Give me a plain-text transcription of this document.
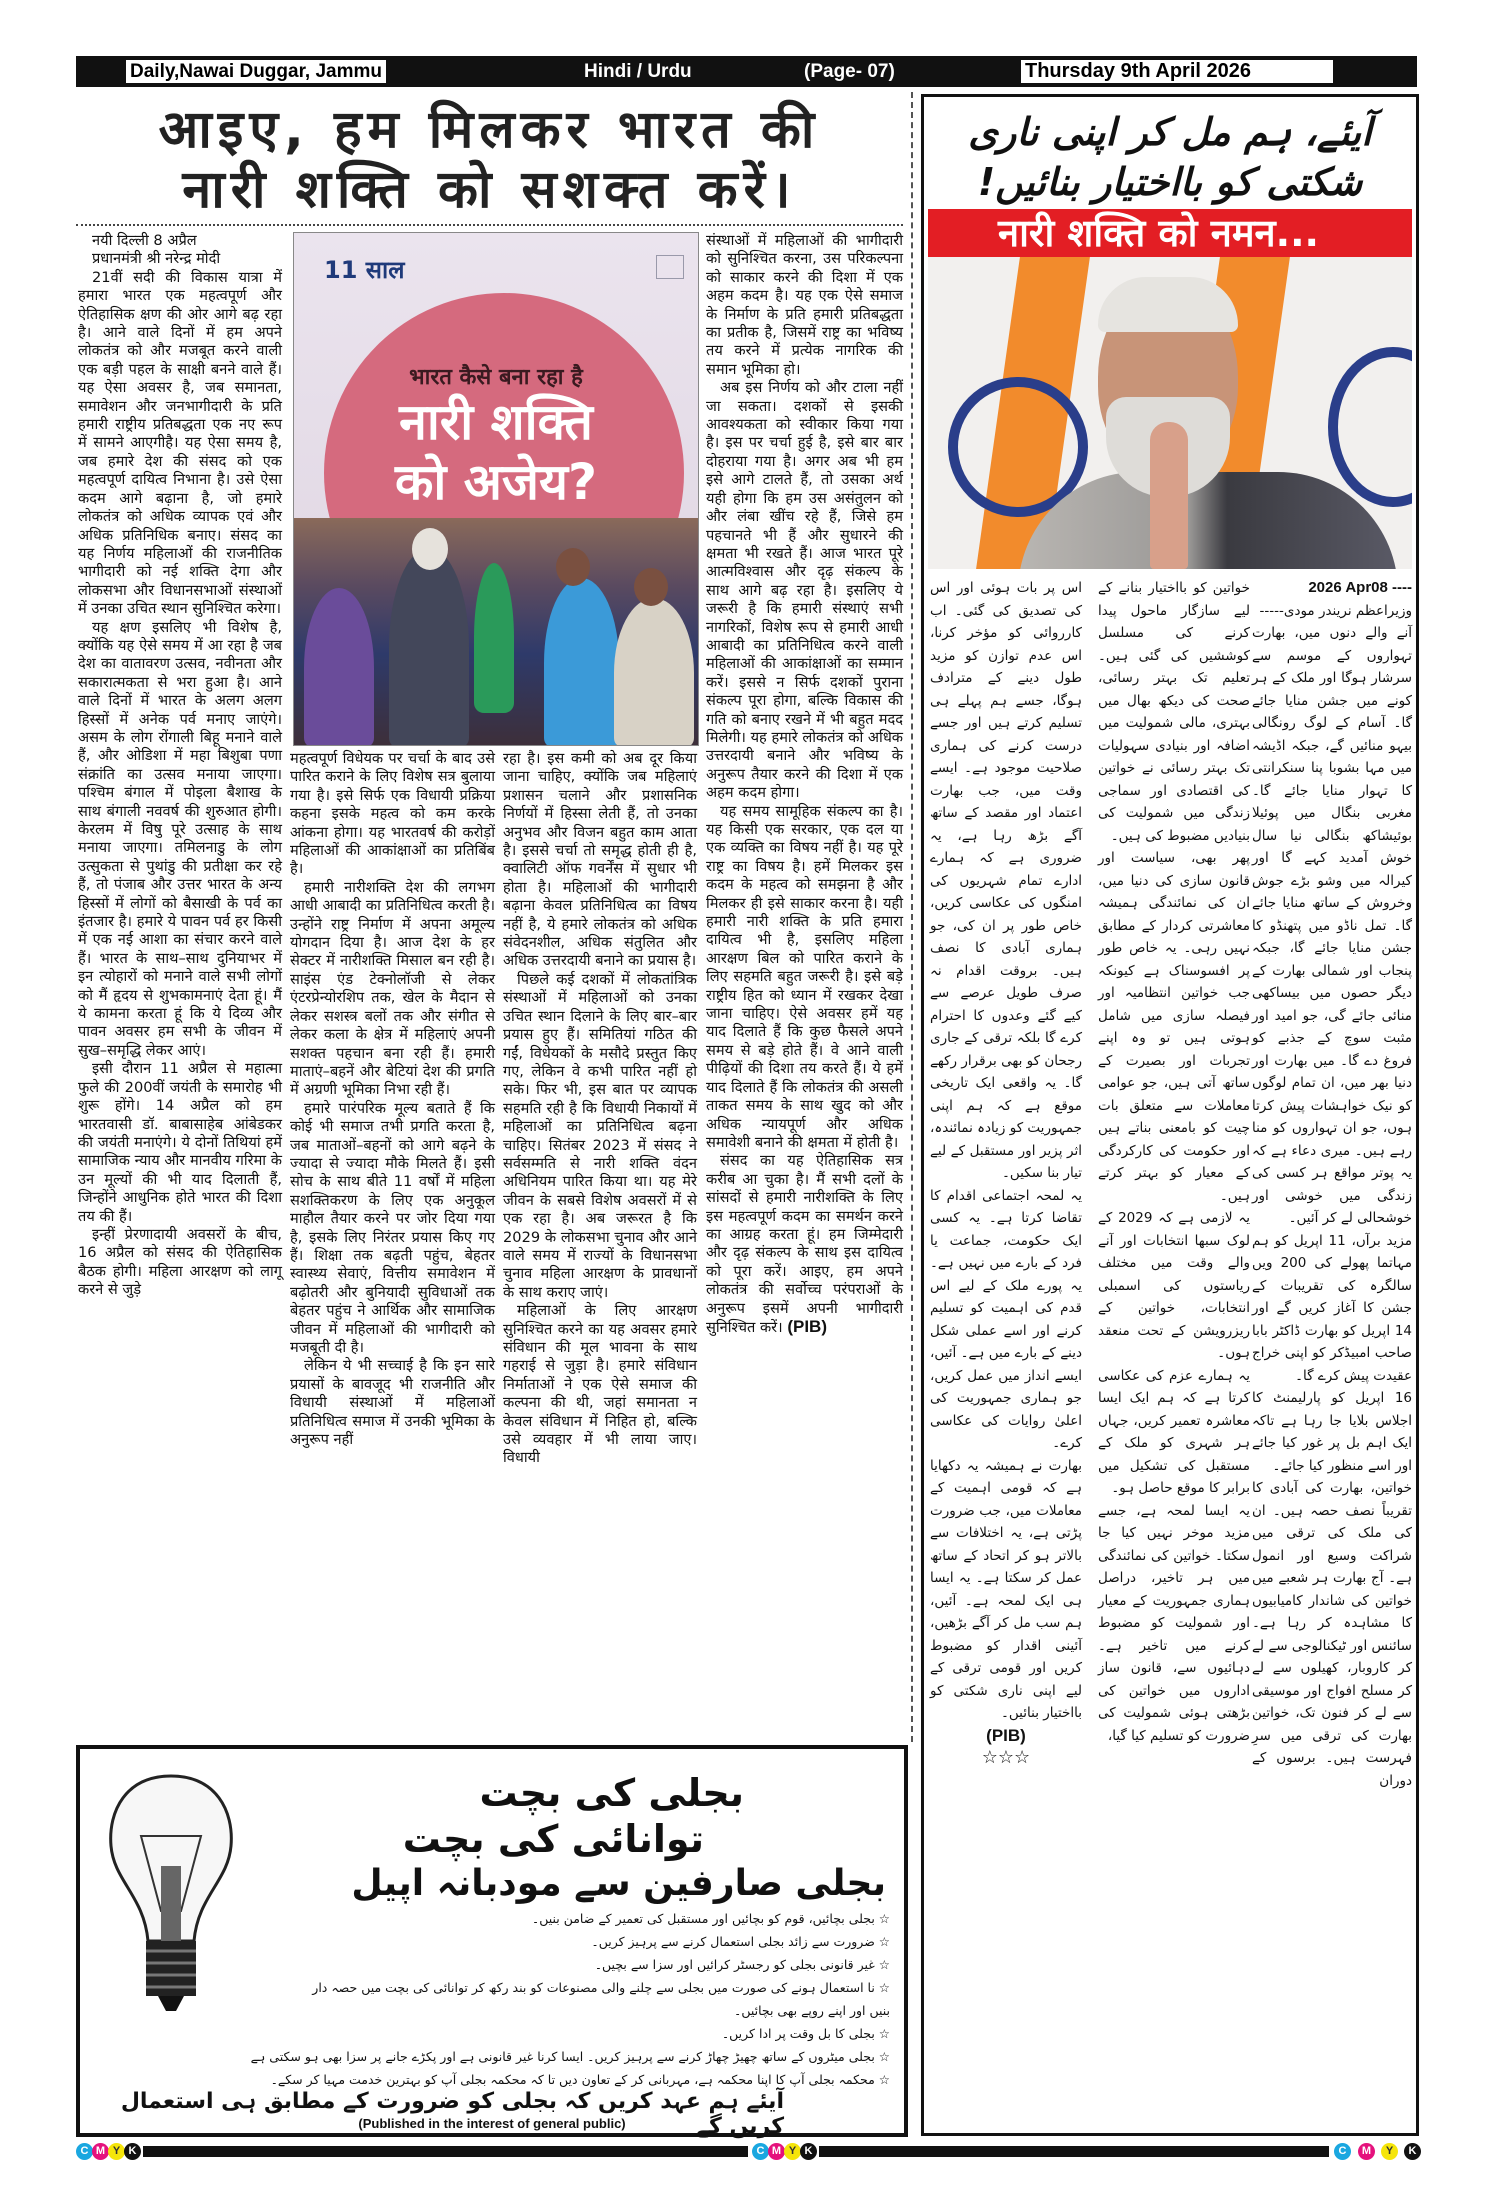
Daily,Nawai Duggar, Jammu	Hindi / Urdu	(Page- 07)	Thursday 9th April 2026
आइए, हम मिलकर भारत की
नारी शक्ति को सशक्त करें।

नयी दिल्ली 8 अप्रैल

प्रधानमंत्री श्री नरेन्द्र मोदी

21वीं सदी की विकास यात्रा में हमारा भारत एक महत्वपूर्ण और ऐतिहासिक क्षण की ओर आगे बढ़ रहा है। आने वाले दिनों में हम अपने लोकतंत्र को और मजबूत करने वाली एक बड़ी पहल के साक्षी बनने वाले हैं। यह ऐसा अवसर है, जब समानता, समावेशन और जनभागीदारी के प्रति हमारी राष्ट्रीय प्रतिबद्धता एक नए रूप में सामने आएगीहै। यह ऐसा समय है, जब हमारे देश की संसद को एक महत्वपूर्ण दायित्व निभाना है। उसे ऐसा कदम आगे बढ़ाना है, जो हमारे लोकतंत्र को अधिक व्यापक एवं और अधिक प्रतिनिधिक बनाए। संसद का यह निर्णय महिलाओं की राजनीतिक भागीदारी को नई शक्ति देगा और लोकसभा और विधानसभाओं संस्थाओं में उनका उचित स्थान सुनिश्चित करेगा।

यह क्षण इसलिए भी विशेष है, क्योंकि यह ऐसे समय में आ रहा है जब देश का वातावरण उत्सव, नवीनता और सकारात्मकता से भरा हुआ है। आने वाले दिनों में भारत के अलग अलग हिस्सों में अनेक पर्व मनाए जाएंगे। असम के लोग रोंगाली बिहू मनाने वाले हैं, और ओडिशा में महा बिशुबा पणा संक्रांति का उत्सव मनाया जाएगा। पश्चिम बंगाल में पोइला बैशाख के साथ बंगाली नववर्ष की शुरुआत होगी। केरलम में विषु पूरे उत्साह के साथ मनाया जाएगा। तमिलनाडु के लोग उत्सुकता से पुथांडु की प्रतीक्षा कर रहे हैं, तो पंजाब और उत्तर भारत के अन्य हिस्सों में लोगों को बैसाखी के पर्व का इंतजार है। हमारे ये पावन पर्व हर किसी में एक नई आशा का संचार करने वाले हैं। भारत के साथ–साथ दुनियाभर में इन त्योहारों को मनाने वाले सभी लोगों को मैं हृदय से शुभकामनाएं देता हूं। मैं ये कामना करता हूं कि ये दिव्य और पावन अवसर हम सभी के जीवन में सुख–समृद्धि लेकर आएं।

इसी दौरान 11 अप्रैल से महात्मा फुले की 200वीं जयंती के समारोह भी शुरू होंगे। 14 अप्रैल को हम भारतवासी डॉ. बाबासाहेब आंबेडकर की जयंती मनाएंगे। ये दोनों तिथियां हमें सामाजिक न्याय और मानवीय गरिमा के उन मूल्यों की भी याद दिलाती हैं, जिन्होंने आधुनिक होते भारत की दिशा तय की हैं।

इन्हीं प्रेरणादायी अवसरों के बीच, 16 अप्रैल को संसद की ऐतिहासिक बैठक होगी। महिला आरक्षण को लागू करने से जुड़े

11 साल
भारत कैसे बना रहा है
नारी शक्ति
को अजेय?

महत्वपूर्ण विधेयक पर चर्चा के बाद उसे पारित कराने के लिए विशेष सत्र बुलाया गया है। इसे सिर्फ एक विधायी प्रक्रिया कहना इसके महत्व को कम करके आंकना होगा। यह भारतवर्ष की करोड़ों महिलाओं की आकांक्षाओं का प्रतिबिंब है।

हमारी नारीशक्ति देश की लगभग आधी आबादी का प्रतिनिधित्व करती है। उन्होंने राष्ट्र निर्माण में अपना अमूल्य योगदान दिया है। आज देश के हर सेक्टर में नारीशक्ति मिसाल बन रही है। साइंस एंड टेक्नोलॉजी से लेकर एंटरप्रेन्योरशिप तक, खेल के मैदान से लेकर सशस्त्र बलों तक और संगीत से लेकर कला के क्षेत्र में महिलाएं अपनी सशक्त पहचान बना रही हैं। हमारी माताएं–बहनें और बेटियां देश की प्रगति में अग्रणी भूमिका निभा रही हैं।

हमारे पारंपरिक मूल्य बताते हैं कि कोई भी समाज तभी प्रगति करता है, जब माताओं–बहनों को आगे बढ़ने के ज्यादा से ज्यादा मौके मिलते हैं। इसी सोच के साथ बीते 11 वर्षों में महिला सशक्तिकरण के लिए एक अनुकूल माहौल तैयार करने पर जोर दिया गया है, इसके लिए निरंतर प्रयास किए गए हैं। शिक्षा तक बढ़ती पहुंच, बेहतर स्वास्थ्य सेवाएं, वित्तीय समावेशन में बढ़ोतरी और बुनियादी सुविधाओं तक बेहतर पहुंच ने आर्थिक और सामाजिक जीवन में महिलाओं की भागीदारी को मजबूती दी है।

लेकिन ये भी सच्चाई है कि इन सारे प्रयासों के बावजूद भी राजनीति और विधायी संस्थाओं में महिलाओं प्रतिनिधित्व समाज में उनकी भूमिका के अनुरूप नहीं

रहा है। इस कमी को अब दूर किया जाना चाहिए, क्योंकि जब महिलाएं प्रशासन चलाने और प्रशासनिक निर्णयों में हिस्सा लेती हैं, तो उनका अनुभव और विजन बहुत काम आता है। इससे चर्चा तो समृद्ध होती ही है, क्वालिटी ऑफ गवर्नेंस में सुधार भी होता है। महिलाओं की भागीदारी बढ़ाना केवल प्रतिनिधित्व का विषय नहीं है, ये हमारे लोकतंत्र को अधिक संवेदनशील, अधिक संतुलित और अधिक उत्तरदायी बनाने का प्रयास है।

पिछले कई दशकों में लोकतांत्रिक संस्थाओं में महिलाओं को उनका उचित स्थान दिलाने के लिए बार–बार प्रयास हुए हैं। समितियां गठित की गईं, विधेयकों के मसौदे प्रस्तुत किए गए, लेकिन वे कभी पारित नहीं हो सके। फिर भी, इस बात पर व्यापक सहमति रही है कि विधायी निकायों में महिलाओं का प्रतिनिधित्व बढ़ना चाहिए। सितंबर 2023 में संसद ने सर्वसम्मति से नारी शक्ति वंदन अधिनियम पारित किया था। यह मेरे जीवन के सबसे विशेष अवसरों में से एक रहा है। अब जरूरत है कि 2029 के लोकसभा चुनाव और आने वाले समय में राज्यों के विधानसभा चुनाव महिला आरक्षण के प्रावधानों के साथ कराए जाएं।

महिलाओं के लिए आरक्षण सुनिश्चित करने का यह अवसर हमारे संविधान की मूल भावना के साथ गहराई से जुड़ा है। हमारे संविधान निर्माताओं ने एक ऐसे समाज की कल्पना की थी, जहां समानता न केवल संविधान में निहित हो, बल्कि उसे व्यवहार में भी लाया जाए। विधायी

संस्थाओं में महिलाओं की भागीदारी को सुनिश्चित करना, उस परिकल्पना को साकार करने की दिशा में एक अहम कदम है। यह एक ऐसे समाज के निर्माण के प्रति हमारी प्रतिबद्धता का प्रतीक है, जिसमें राष्ट्र का भविष्य तय करने में प्रत्येक नागरिक की समान भूमिका हो।

अब इस निर्णय को और टाला नहीं जा सकता। दशकों से इसकी आवश्यकता को स्वीकार किया गया है। इस पर चर्चा हुई है, इसे बार बार दोहराया गया है। अगर अब भी हम इसे आगे टालते हैं, तो उसका अर्थ यही होगा कि हम उस असंतुलन को और लंबा खींच रहे हैं, जिसे हम पहचानते भी हैं और सुधारने की क्षमता भी रखते हैं। आज भारत पूरे आत्मविश्वास और दृढ़ संकल्प के साथ आगे बढ़ रहा है। इसलिए ये जरूरी है कि हमारी संस्थाएं सभी नागरिकों, विशेष रूप से हमारी आधी आबादी का प्रतिनिधित्व करने वाली महिलाओं की आकांक्षाओं का सम्मान करें। इससे न सिर्फ दशकों पुराना संकल्प पूरा होगा, बल्कि विकास की गति को बनाए रखने में भी बहुत मदद मिलेगी। यह हमारे लोकतंत्र को अधिक उत्तरदायी बनाने और भविष्य के अनुरूप तैयार करने की दिशा में एक अहम कदम होगा।

यह समय सामूहिक संकल्प का है। यह किसी एक सरकार, एक दल या एक व्यक्ति का विषय नहीं है। यह पूरे राष्ट्र का विषय है। हमें मिलकर इस कदम के महत्व को समझना है और मिलकर ही इसे साकार करना है। यही हमारी नारी शक्ति के प्रति हमारा दायित्व भी है, इसलिए महिला आरक्षण बिल को पारित कराने के लिए सहमति बहुत जरूरी है। इसे बड़े राष्ट्रीय हित को ध्यान में रखकर देखा जाना चाहिए। ऐसे अवसर हमें यह याद दिलाते हैं कि कुछ फैसले अपने समय से बड़े होते हैं। वे आने वाली पीढ़ियों की दिशा तय करते हैं। ये हमें याद दिलाते हैं कि लोकतंत्र की असली ताकत समय के साथ खुद को और अधिक न्यायपूर्ण और अधिक समावेशी बनाने की क्षमता में होती है।

संसद का यह ऐतिहासिक सत्र करीब आ चुका है। मैं सभी दलों के सांसदों से हमारी नारीशक्ति के लिए इस महत्वपूर्ण कदम का समर्थन करने का आग्रह करता हूं। हम जिम्मेदारी और दृढ़ संकल्प के साथ इस दायित्व को पूरा करें। आइए, हम अपने लोकतंत्र की सर्वोच्च परंपराओं के अनुरूप इसमें अपनी भागीदारी सुनिश्चित करें। (PIB)

آیئے، ہم مل کر اپنی ناری
شکتی کو بااختیار بنائیں!
नारी शक्ति को नमन...

2026 Apr08 ----

وزیراعظم نریندر مودی-----

آنے والے دنوں میں، بھارت تہواروں کے موسم سے سرشار ہوگا اور ملک کے ہر کونے میں جشن منایا جائے گا۔ آسام کے لوگ رونگالی بیہو منائیں گے، جبکہ اڈیشہ میں مہا بشوبا پنا سنکرانتی کا تہوار منایا جائے گا۔ مغربی بنگال میں پوئیلا بوئیشاکھ بنگالی نیا سال خوش آمدید کہے گا اور کیرالہ میں وشو بڑے جوش وخروش کے ساتھ منایا جائے گا۔ تمل ناڈو میں پتھنڈو کا جشن منایا جائے گا، جبکہ پنجاب اور شمالی بھارت کے دیگر حصوں میں بیساکھی منائی جائے گی، جو امید اور مثبت سوچ کے جذبے کو فروغ دے گا۔ میں بھارت اور دنیا بھر میں، ان تمام لوگوں کو نیک خواہشات پیش کرتا ہوں، جو ان تہواروں کو منا رہے ہیں۔ میری دعاء ہے کہ یہ پوتر مواقع ہر کسی کی زندگی میں خوشی اور خوشحالی لے کر آئیں۔

مزید برآں، 11 اپریل کو ہم مہاتما پھولے کی 200 ویں سالگرہ کی تقریبات کے جشن کا آغاز کریں گے اور 14 اپریل کو بھارت ڈاکٹر بابا صاحب امبیڈکر کو اپنی خراج عقیدت پیش کرے گا۔

16 اپریل کو پارلیمنٹ کا اجلاس بلایا جا رہا ہے تاکہ ایک اہم بل پر غور کیا جائے اور اسے منظور کیا جائے۔

خواتین، بھارت کی آبادی کا تقریباً نصف حصہ ہیں۔ ان کی ملک کی ترقی میں شراکت وسیع اور انمول ہے۔ آج بھارت ہر شعبے میں خواتین کی شاندار کامیابیوں کا مشاہدہ کر رہا ہے۔ سائنس اور ٹیکنالوجی سے لے کر کاروبار، کھیلوں سے لے کر مسلح افواج اور موسیقی سے لے کر فنون تک، خواتین بھارت کی ترقی میں سرِ فہرست ہیں۔ برسوں کے دوران

خواتین کو بااختیار بنانے کے لیے سازگار ماحول پیدا کرنے کی مسلسل کوششیں کی گئی ہیں۔ تعلیم تک بہتر رسائی، صحت کی دیکھ بھال میں بہتری، مالی شمولیت میں اضافہ اور بنیادی سہولیات تک بہتر رسائی نے خواتین کی اقتصادی اور سماجی زندگی میں شمولیت کی بنیادیں مضبوط کی ہیں۔

پھر بھی، سیاست اور قانون سازی کی دنیا میں، ان کی نمائندگی ہمیشہ معاشرتی کردار کے مطابق نہیں رہی۔ یہ خاص طور پر افسوسناک ہے کیونکہ جب خواتین انتظامیہ اور فیصلہ سازی میں شامل ہوتی ہیں تو وہ اپنے تجربات اور بصیرت کے ساتھ آتی ہیں، جو عوامی معاملات سے متعلق بات چیت کو بامعنی بناتے ہیں اور حکومت کی کارکردگی کے معیار کو بہتر کرتے ہیں۔

یہ لازمی ہے کہ 2029 کے لوک سبھا انتخابات اور آنے والے وقت میں مختلف ریاستوں کی اسمبلی انتخابات، خواتین کے ریزرویشن کے تحت منعقد ہوں۔

یہ ہمارے عزم کی عکاسی کرتا ہے کہ ہم ایک ایسا معاشرہ تعمیر کریں، جہاں ہر شہری کو ملک کے مستقبل کی تشکیل میں برابر کا موقع حاصل ہو۔

یہ ایسا لمحہ ہے، جسے مزید موخر نہیں کیا جا سکتا۔ خواتین کی نمائندگی میں ہر تاخیر، دراصل ہماری جمہوریت کے معیار اور شمولیت کو مضبوط کرنے میں تاخیر ہے۔ دہائیوں سے، قانون ساز اداروں میں خواتین کی بڑھتی ہوئی شمولیت کی ضرورت کو تسلیم کیا گیا،

اس پر بات ہوئی اور اس کی تصدیق کی گئی۔ اب کارروائی کو مؤخر کرنا، اس عدم توازن کو مزید طول دینے کے مترادف ہوگا، جسے ہم پہلے ہی تسلیم کرتے ہیں اور جسے درست کرنے کی ہماری صلاحیت موجود ہے۔ ایسے وقت میں، جب بھارت اعتماد اور مقصد کے ساتھ آگے بڑھ رہا ہے، یہ ضروری ہے کہ ہمارے ادارے تمام شہریوں کی امنگوں کی عکاسی کریں، خاص طور پر ان کی، جو ہماری آبادی کا نصف ہیں۔ بروقت اقدام نہ صرف طویل عرصے سے کیے گئے وعدوں کا احترام کرے گا بلکہ ترقی کے جاری رجحان کو بھی برقرار رکھے گا۔ یہ واقعی ایک تاریخی موقع ہے کہ ہم اپنی جمہوریت کو زیادہ نمائندہ، اثر پزیر اور مستقبل کے لیے تیار بنا سکیں۔

یہ لمحہ اجتماعی اقدام کا تقاضا کرتا ہے۔ یہ کسی ایک حکومت، جماعت یا فرد کے بارے میں نہیں ہے۔ یہ پورے ملک کے لیے اس قدم کی اہمیت کو تسلیم کرنے اور اسے عملی شکل دینے کے بارے میں ہے۔ آئیں، ایسے انداز میں عمل کریں، جو ہماری جمہوریت کی اعلیٰ روایات کی عکاسی کرے۔

بھارت نے ہمیشہ یہ دکھایا ہے کہ قومی اہمیت کے معاملات میں، جب ضرورت پڑتی ہے، یہ اختلافات سے بالاتر ہو کر اتحاد کے ساتھ عمل کر سکتا ہے۔ یہ ایسا ہی ایک لمحہ ہے۔ آئیں، ہم سب مل کر آگے بڑھیں، آئینی اقدار کو مضبوط کریں اور قومی ترقی کے لیے اپنی ناری شکتی کو بااختیار بنائیں۔

(PIB)

☆☆☆

بجلی کی بچت
توانائی کی بچت
بجلی صارفین سے مودبانہ اپیل
☆ بجلی بچائیں، قوم کو بچائیں اور مستقبل کی تعمیر کے ضامن بنیں۔
☆ ضرورت سے زائد بجلی استعمال کرنے سے پرہیز کریں۔
☆ غیر قانونی بجلی کو رجسٹر کرائیں اور سزا سے بچیں۔
☆ نا استعمال ہونے کی صورت میں بجلی سے چلنے والی مصنوعات کو بند رکھ کر توانائی کی بچت میں حصہ دار
بنیں اور اپنے روپے بھی بچائیں۔
☆ بجلی کا بل وقت پر ادا کریں۔
☆ بجلی میٹروں کے ساتھ چھیڑ چھاڑ کرنے سے پرہیز کریں۔ ایسا کرنا غیر قانونی ہے اور پکڑے جانے پر سزا بھی ہو سکتی ہے
☆ محکمہ بجلی آپ کا اپنا محکمہ ہے، مہربانی کر کے تعاون دیں تا کہ محکمہ بجلی آپ کو بہترین خدمت مہیا کر سکے۔
آیئے ہم عہد کریں کہ بجلی کو ضرورت کے مطابق ہی استعمال کریں گے
(Published in the interest of general public)
C M Y K	C M Y K	C	M	Y	K
